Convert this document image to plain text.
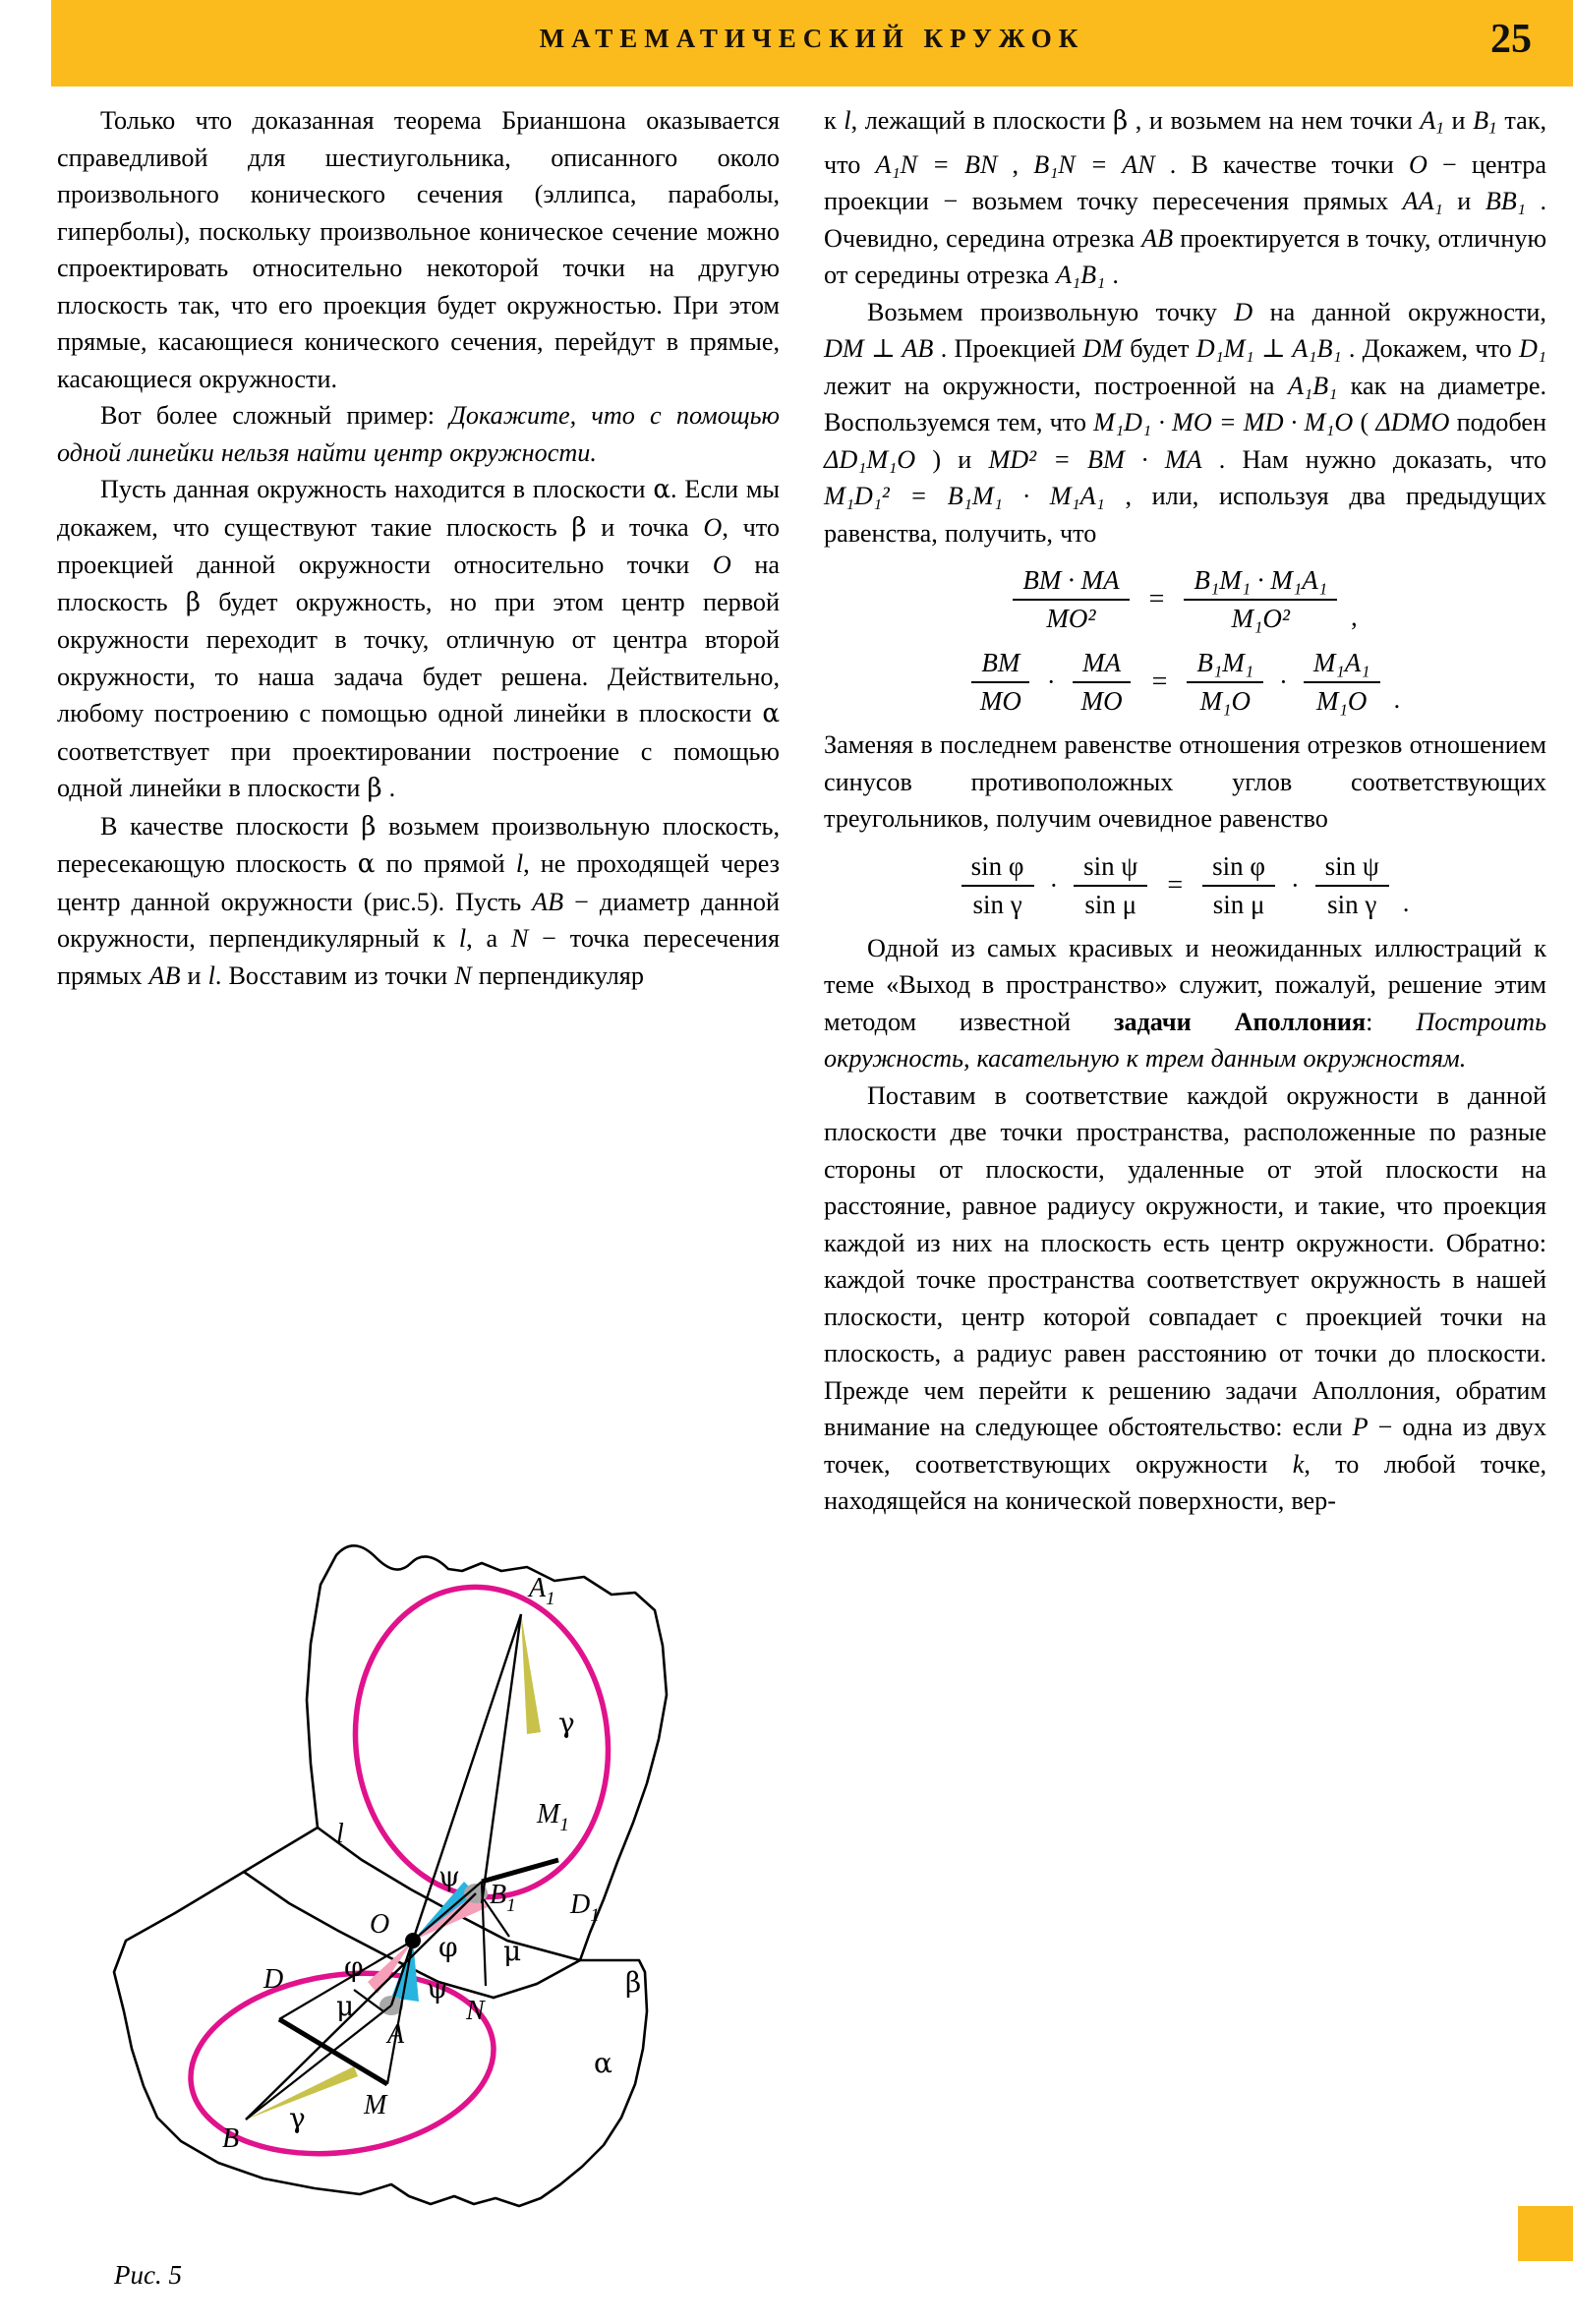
МАТЕМАТИЧЕСКИЙ КРУЖОК	25

Только что доказанная теорема Брианшона оказывается справедливой для шестиугольника, описанного около произвольного конического сечения (эллипса, параболы, гиперболы), поскольку произвольное коническое сечение можно спроектировать относительно некоторой точки на другую плоскость так, что его проекция будет окружностью. При этом прямые, касающиеся конического сечения, перейдут в прямые, касающиеся окружности.

Вот более сложный пример: Докажите, что с помощью одной линейки нельзя найти центр окружности.

Пусть данная окружность находится в плоскости α. Если мы докажем, что существуют такие плоскость β и точка O, что проекцией данной окружности относительно точки O на плоскость β будет окружность, но при этом центр первой окружности переходит в точку, отличную от центра второй окружности, то наша задача будет решена. Действительно, любому построению с помощью одной линейки в плоскости α соответствует при проектировании построение с помощью одной линейки в плоскости β .

В качестве плоскости β возьмем произвольную плоскость, пересекающую плоскость α по прямой l, не проходящей через центр данной окружности (рис.5). Пусть AB − диаметр данной окружности, перпендикулярный к l, а N − точка пересечения прямых AB и l. Восставим из точки N перпендикуляр

$A_1$
γ
$M_1$
l
ψ
O
$B_1$ $D_1$
φ
φ μ
ψ	β
D
μ	N
A
M
α
γ
B
Рис. 5

к l, лежащий в плоскости β , и возьмем на нем точки $A_1$ и $B_1$ так, что A₁N = BN , B₁N = AN . В качестве точки O − центра проекции − возьмем точку пересечения прямых AA₁ и BB₁ . Очевидно, середина отрезка AB проектируется в точку, отличную от середины отрезка A₁B₁ .

Возьмем произвольную точку D на данной окружности, DM ⊥ AB . Проекцией DM будет D₁M₁ ⊥ A₁B₁ . Докажем, что D₁ лежит на окружности, построенной на A₁B₁ как на диаметре. Воспользуемся тем, что M₁D₁ · MO = MD · M₁O ( ΔDMO подобен ΔD₁M₁O ) и MD² = BM · MA . Нам нужно доказать, что M₁D₁² = B₁M₁ · M₁A₁ , или, используя два предыдущих равенства, получить, что

$\frac{BM \cdot MA}{\text{MO²}} = \frac{\text{B₁M₁ · M₁A₁}}{\text{M₁O²}}$ ,
$\frac{BM}{MO} \cdot \frac{MA}{MO} = \frac{\text{B₁M₁}}{\text{M₁O}} \cdot \frac{\text{M₁A₁}}{\text{M₁O}}$ .

Заменяя в последнем равенстве отношения отрезков отношением синусов противоположных углов соответствующих треугольников, получим очевидное равенство

$\frac{\text{sin φ}}{\text{sin γ}} \cdot \frac{\text{sin ψ}}{\text{sin μ}} = \frac{\text{sin φ}}{\text{sin μ}} \cdot \frac{\text{sin ψ}}{\text{sin γ}}$ .

Одной из самых красивых и неожиданных иллюстраций к теме «Выход в пространство» служит, пожалуй, решение этим методом известной задачи Аполлония: Построить окружность, касательную к трем данным окружностям.

Поставим в соответствие каждой окружности в данной плоскости две точки пространства, расположенные по разные стороны от плоскости, удаленные от этой плоскости на расстояние, равное радиусу окружности, и такие, что проекция каждой из них на плоскость есть центр окружности. Обратно: каждой точке пространства соответствует окружность в нашей плоскости, центр которой совпадает с проекцией точки на плоскость, а радиус равен расстоянию от точки до плоскости. Прежде чем перейти к решению задачи Аполлония, обратим внимание на следующее обстоятельство: если P − одна из двух точек, соответствующих окружности k, то любой точке, находящейся на конической поверхности, вер-
